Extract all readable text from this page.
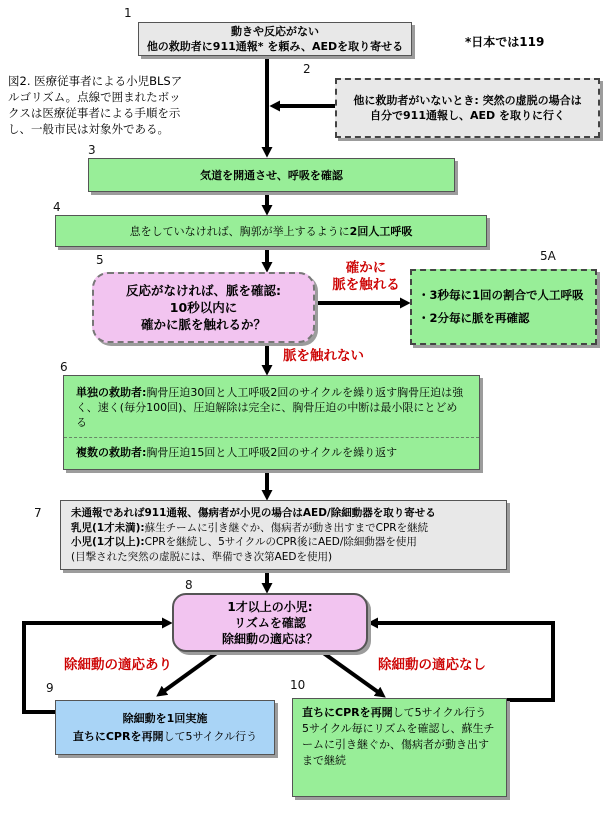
図2. 医療従事者による小児BLSアルゴリズム。点線で囲まれたボックスは医療従事者による手順を示し、一般市民は対象外である。
*日本では119
1
動きや反応がない
他の救助者に911通報* を頼み、AEDを取り寄せる
2
他に救助者がいないとき: 突然の虚脱の場合は
自分で911通報し、AED を取りに行く
3
気道を開通させ、呼吸を確認
4
息をしていなければ、胸郭が挙上するように2回人工呼吸
5
反応がなければ、脈を確認:
10秒以内に
確かに脈を触れるか？
5A
・3秒毎に1回の割合で人工呼吸
・2分毎に脈を再確認
6
単独の救助者:胸骨圧迫30回と人工呼吸2回のサイクルを繰り返す胸骨圧迫は強く、速く(毎分100回)、圧迫解除は完全に、胸骨圧迫の中断は最小限にとどめる
複数の救助者:胸骨圧迫15回と人工呼吸2回のサイクルを繰り返す
7	未通報であれば911通報、傷病者が小児の場合はAED/除細動器を取り寄せる
乳児(1才未満):蘇生チームに引き継ぐか、傷病者が動き出すまでCPRを継続
小児(1才以上):CPRを継続し、5サイクルのCPR後にAED/除細動器を使用
(目撃された突然の虚脱には、準備でき次第AEDを使用)
8
1才以上の小児:
リズムを確認
除細動の適応は？
9
除細動を1回実施
直ちにCPRを再開して5サイクル行う
10
直ちにCPRを再開して5サイクル行う
5サイクル毎にリズムを確認し、蘇生チームに引き継ぐか、傷病者が動き出すまで継続
確かに
脈を触れる
脈を触れない
除細動の適応あり	除細動の適応なし
